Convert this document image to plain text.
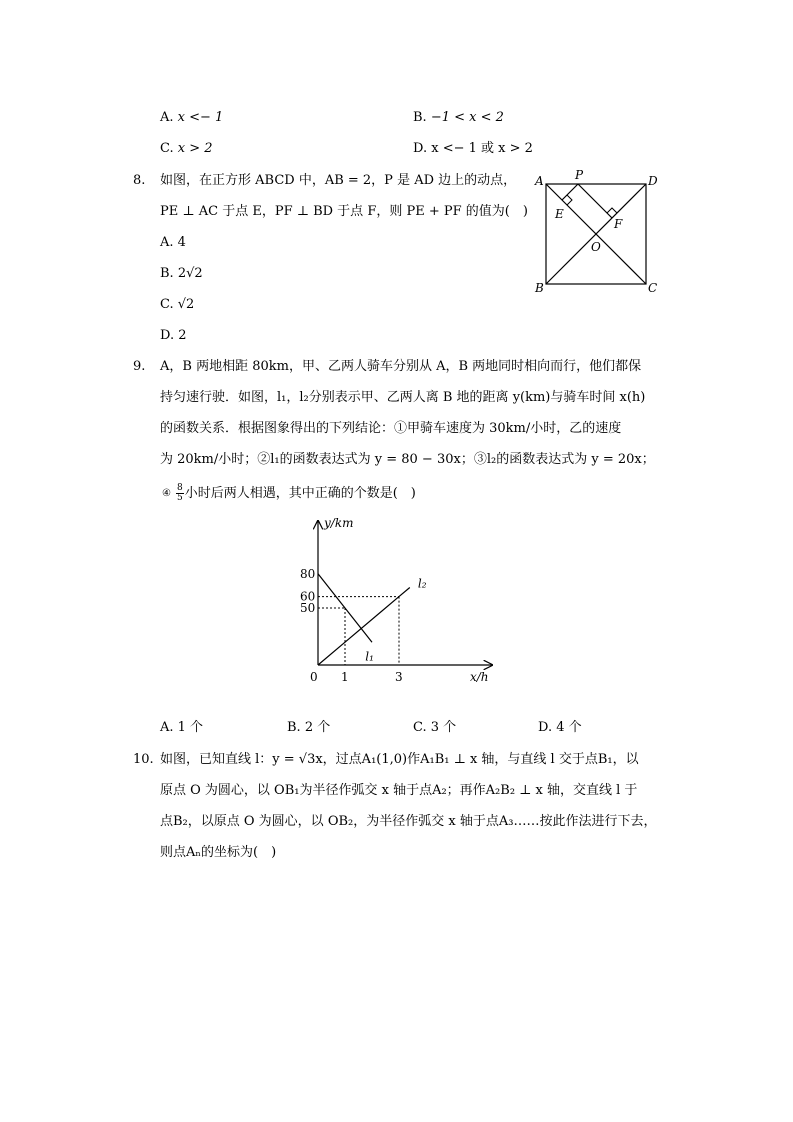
A. x <− 1	B. −1 < x < 2
C. x > 2	D. x <− 1 或 x > 2
8. 如图，在正方形 ABCD 中，AB = 2，P 是 AD 边上的动点，
PE ⊥ AC 于点 E，PF ⊥ BD 于点 F，则 PE + PF 的值为(　)
A. 4
B. 2√2
C. √2
D. 2
A	P	D
E
F
O
B	C
9. A，B 两地相距 80km，甲、乙两人骑车分别从 A，B 两地同时相向而行，他们都保
持匀速行驶．如图，l₁，l₂分别表示甲、乙两人离 B 地的距离 y(km)与骑车时间 x(h)
的函数关系．根据图象得出的下列结论：①甲骑车速度为 30km/小时，乙的速度
为 20km/小时；②l₁的函数表达式为 y = 80 − 30x；③l₂的函数表达式为 y = 20x；
④ $\frac{8}{5}$ 小时后两人相遇，其中正确的个数是(　)
y/km
x/h
0
80
60
50
1	3
l₁
l₂
A. 1 个	B. 2 个	C. 3 个	D. 4 个
10. 如图，已知直线 l：y = √3x，过点A₁(1,0)作A₁B₁ ⊥ x 轴，与直线 l 交于点B₁，以
原点 O 为圆心，以 OB₁为半径作弧交 x 轴于点A₂；再作A₂B₂ ⊥ x 轴，交直线 l 于
点B₂，以原点 O 为圆心，以 OB₂，为半径作弧交 x 轴于点A₃……按此作法进行下去，
则点Aₙ的坐标为(　)
